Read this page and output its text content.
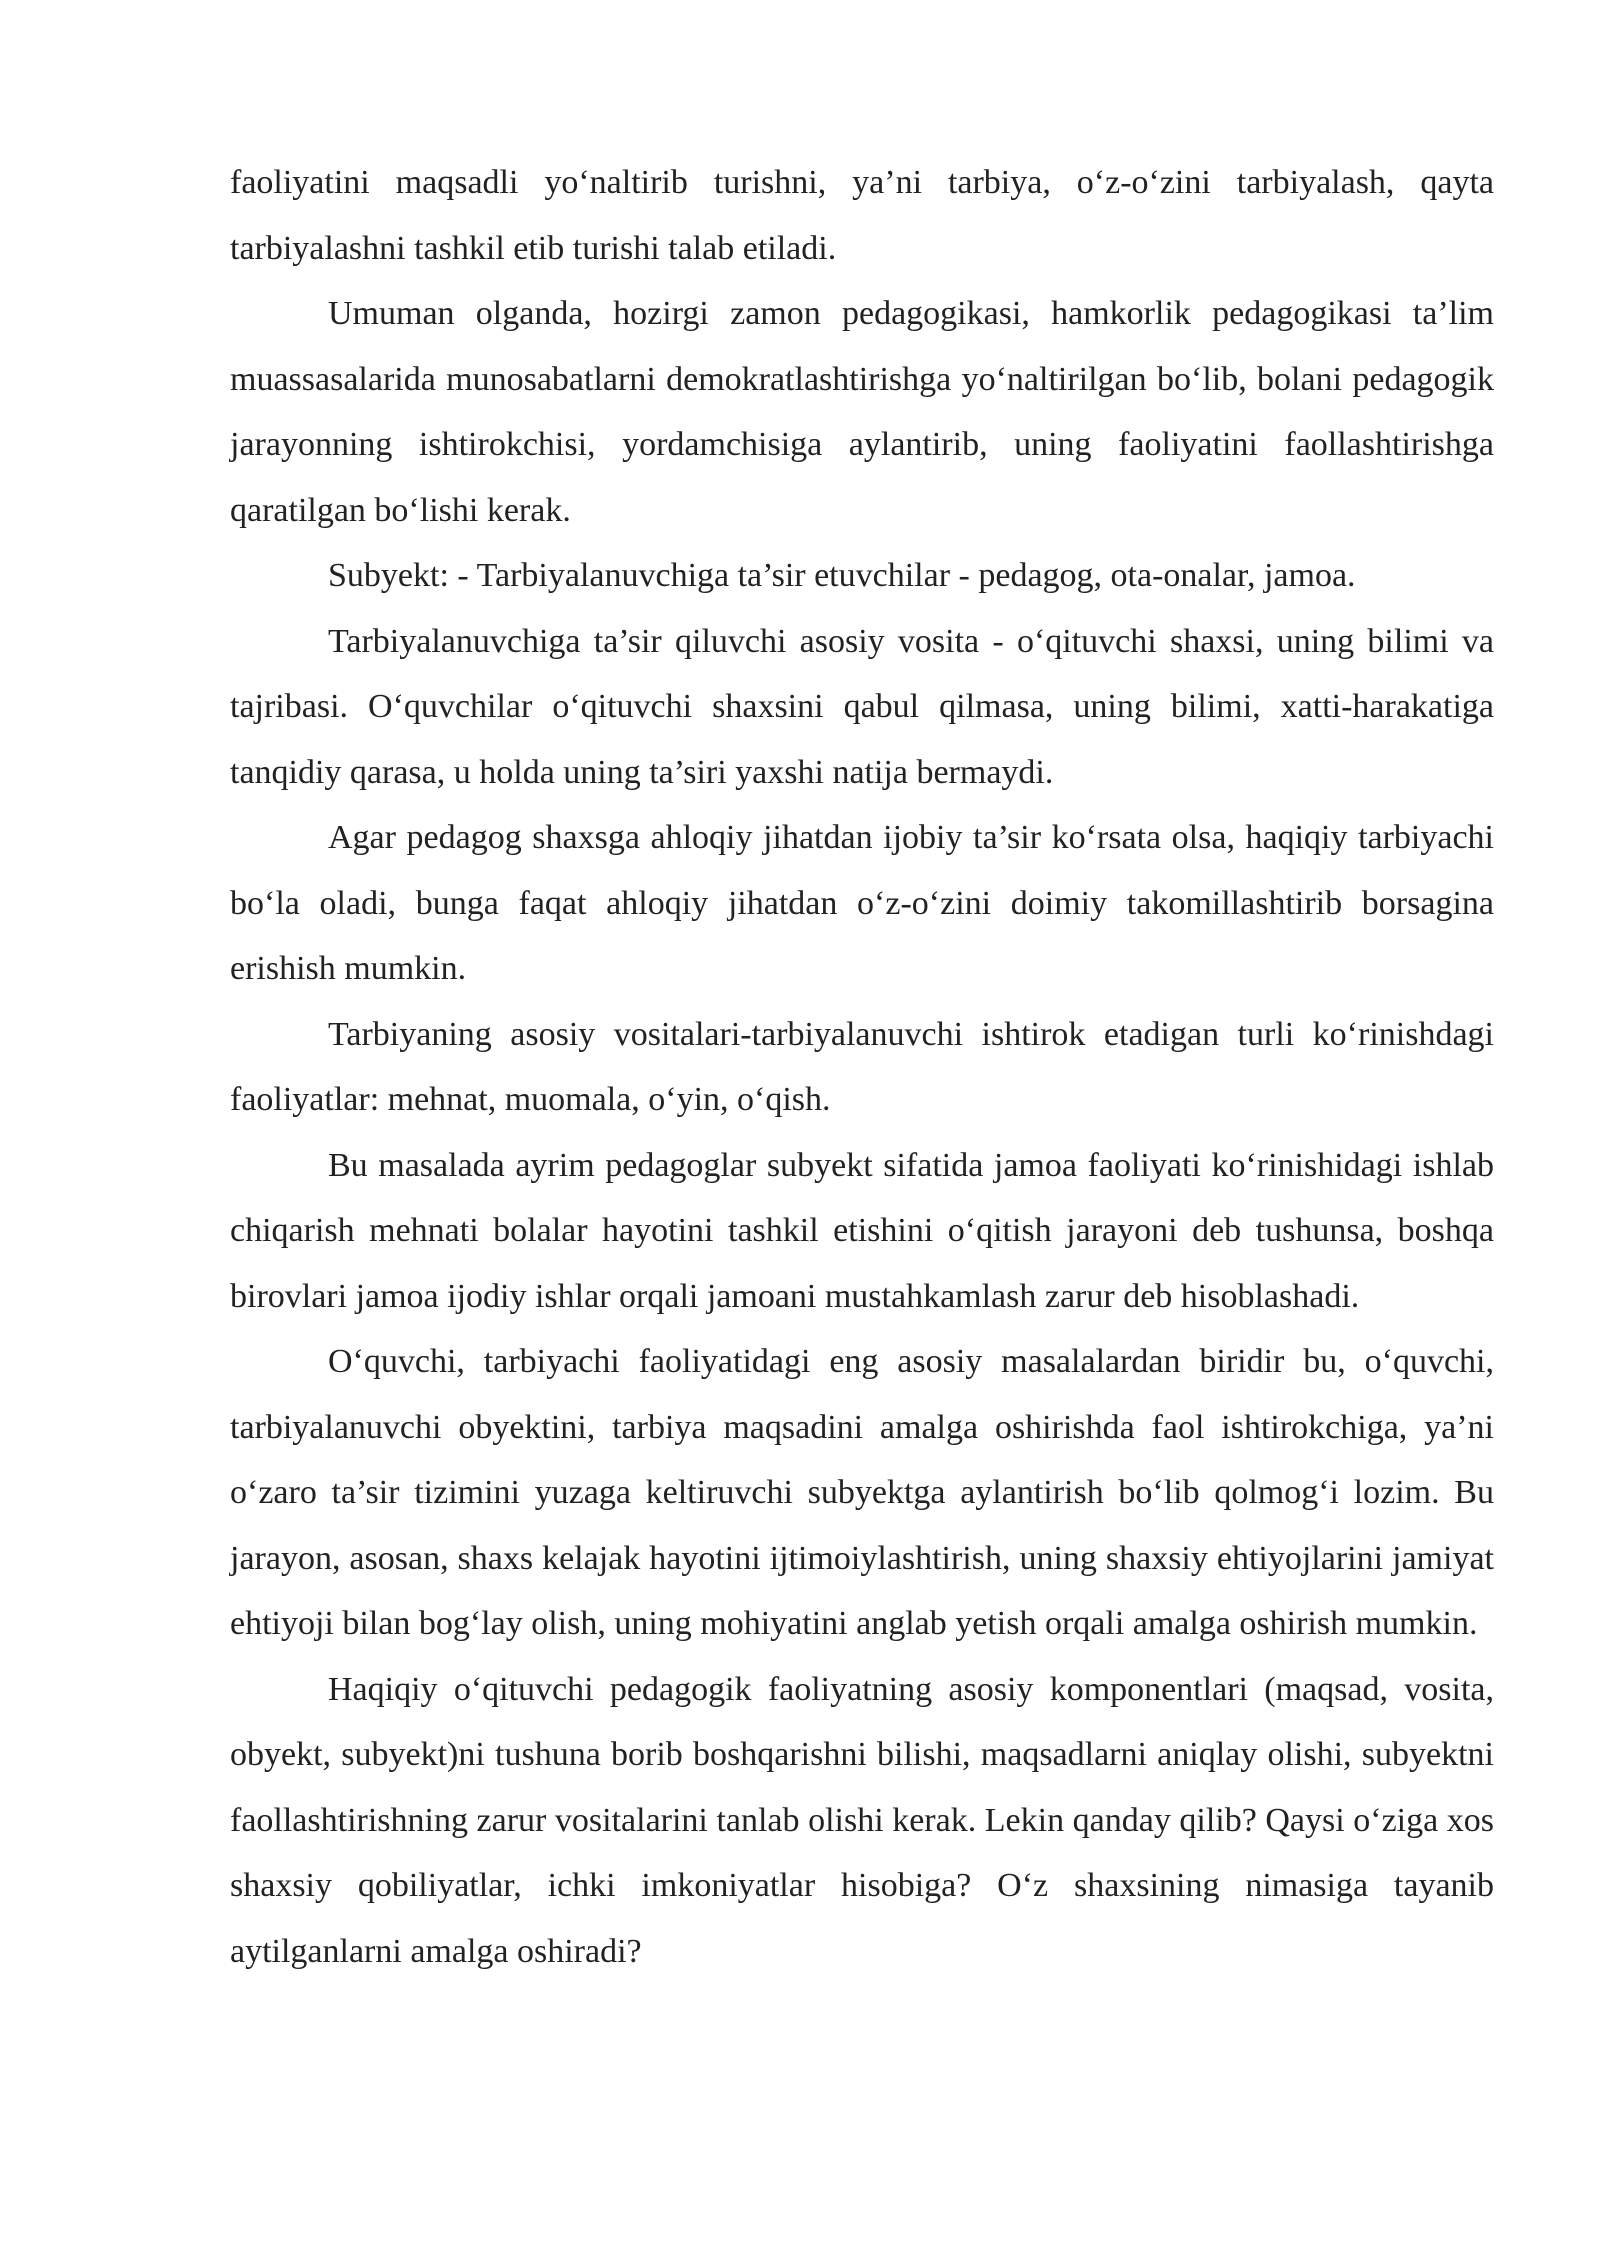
faoliyatini maqsadli yo‘naltirib turishni, ya’ni tarbiya, o‘z-o‘zini tarbiyalash, qayta tarbiyalashni tashkil etib turishi talab etiladi.

Umuman olganda, hozirgi zamon pedagogikasi, hamkorlik pedagogikasi ta’lim muassasalarida munosabatlarni demokratlashtirishga yo‘naltirilgan bo‘lib, bolani pedagogik jarayonning ishtirokchisi, yordamchisiga aylantirib, uning faoliyatini faollashtirishga qaratilgan bo‘lishi kerak.

Subyekt: - Tarbiyalanuvchiga ta’sir etuvchilar - pedagog, ota-onalar, jamoa.

Tarbiyalanuvchiga ta’sir qiluvchi asosiy vosita - o‘qituvchi shaxsi, uning bilimi va tajribasi. O‘quvchilar o‘qituvchi shaxsini qabul qilmasa, uning bilimi, xatti-harakatiga tanqidiy qarasa, u holda uning ta’siri yaxshi natija bermaydi.

Agar pedagog shaxsga ahloqiy jihatdan ijobiy ta’sir ko‘rsata olsa, haqiqiy tarbiyachi bo‘la oladi, bunga faqat ahloqiy jihatdan o‘z-o‘zini doimiy takomillashtirib borsagina erishish mumkin.

Tarbiyaning asosiy vositalari-tarbiyalanuvchi ishtirok etadigan turli ko‘rinishdagi faoliyatlar: mehnat, muomala, o‘yin, o‘qish.

Bu masalada ayrim pedagoglar subyekt sifatida jamoa faoliyati ko‘rinishidagi ishlab chiqarish mehnati bolalar hayotini tashkil etishini o‘qitish jarayoni deb tushunsa, boshqa birovlari jamoa ijodiy ishlar orqali jamoani mustahkamlash zarur deb hisoblashadi.

O‘quvchi, tarbiyachi faoliyatidagi eng asosiy masalalardan biridir bu, o‘quvchi, tarbiyalanuvchi obyektini, tarbiya maqsadini amalga oshirishda faol ishtirokchiga, ya’ni o‘zaro ta’sir tizimini yuzaga keltiruvchi subyektga aylantirish bo‘lib qolmog‘i lozim. Bu jarayon, asosan, shaxs kelajak hayotini ijtimoiylashtirish, uning shaxsiy ehtiyojlarini jamiyat ehtiyoji bilan bog‘lay olish, uning mohiyatini anglab yetish orqali amalga oshirish mumkin.

Haqiqiy o‘qituvchi pedagogik faoliyatning asosiy komponentlari (maqsad, vosita, obyekt, subyekt)ni tushuna borib boshqarishni bilishi, maqsadlarni aniqlay olishi, subyektni faollashtirishning zarur vositalarini tanlab olishi kerak. Lekin qanday qilib? Qaysi o‘ziga xos shaxsiy qobiliyatlar, ichki imkoniyatlar hisobiga? O‘z shaxsining nimasiga tayanib aytilganlarni amalga oshiradi?
